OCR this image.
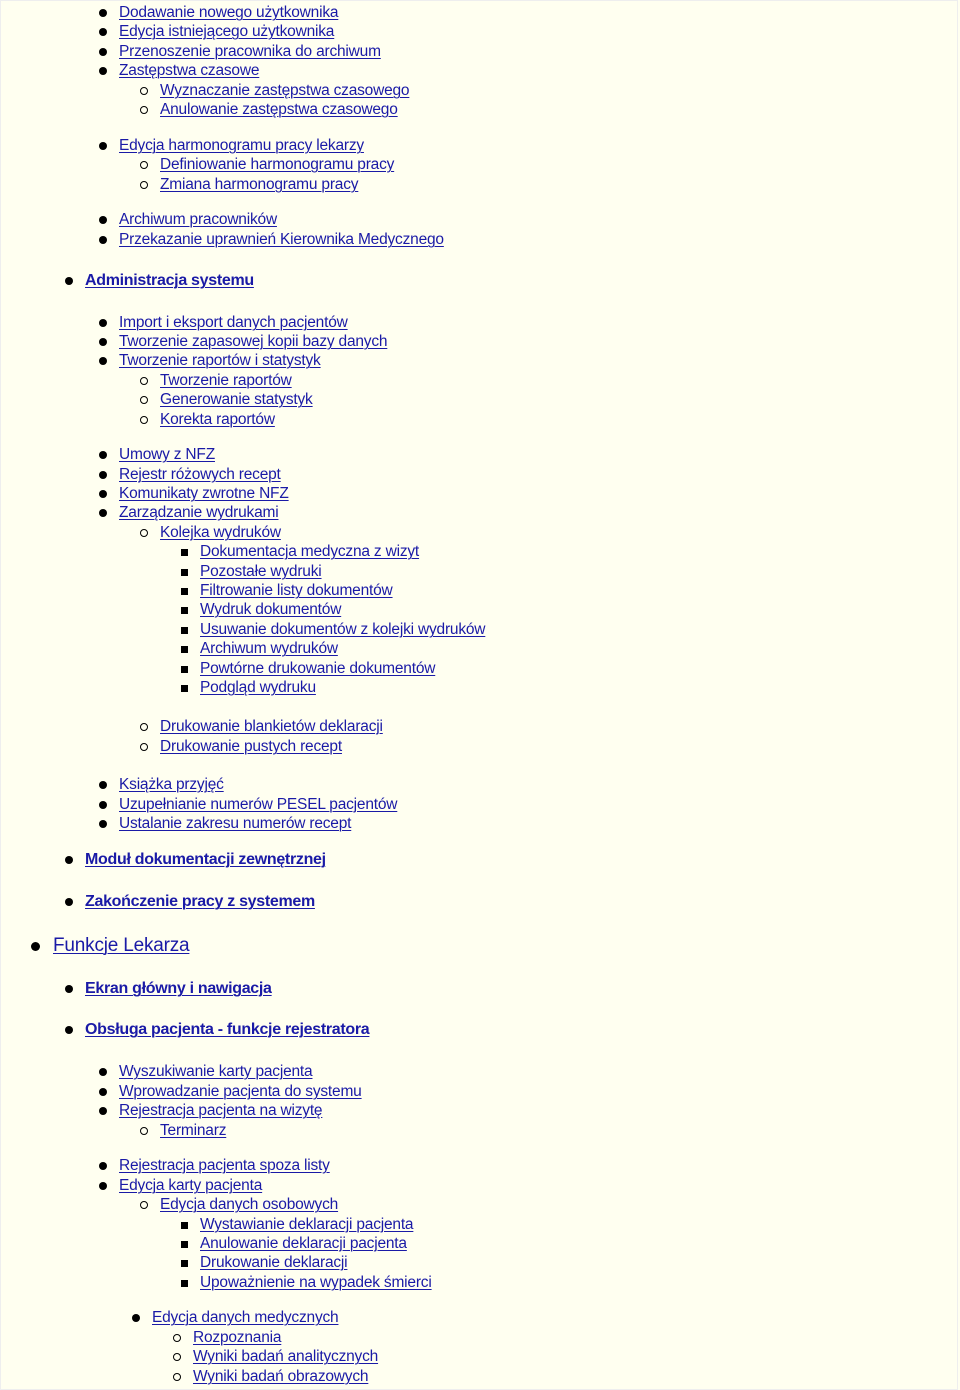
Dodawanie nowego użytkownika
Edycja istniejącego użytkownika
Przenoszenie pracownika do archiwum
Zastępstwa czasowe
Wyznaczanie zastępstwa czasowego
Anulowanie zastępstwa czasowego
Edycja harmonogramu pracy lekarzy
Definiowanie harmonogramu pracy
Zmiana harmonogramu pracy
Archiwum pracowników
Przekazanie uprawnień Kierownika Medycznego
Administracja systemu
Import i eksport danych pacjentów
Tworzenie zapasowej kopii bazy danych
Tworzenie raportów i statystyk
Tworzenie raportów
Generowanie statystyk
Korekta raportów
Umowy z NFZ
Rejestr różowych recept
Komunikaty zwrotne NFZ
Zarządzanie wydrukami
Kolejka wydruków
Dokumentacja medyczna z wizyt
Pozostałe wydruki
Filtrowanie listy dokumentów
Wydruk dokumentów
Usuwanie dokumentów z kolejki wydruków
Archiwum wydruków
Powtórne drukowanie dokumentów
Podgląd wydruku
Drukowanie blankietów deklaracji
Drukowanie pustych recept
Książka przyjęć
Uzupełnianie numerów PESEL pacjentów
Ustalanie zakresu numerów recept
Moduł dokumentacji zewnętrznej
Zakończenie pracy z systemem
Funkcje Lekarza
Ekran główny i nawigacja
Obsługa pacjenta - funkcje rejestratora
Wyszukiwanie karty pacjenta
Wprowadzanie pacjenta do systemu
Rejestracja pacjenta na wizytę
Terminarz
Rejestracja pacjenta spoza listy
Edycja karty pacjenta
Edycja danych osobowych
Wystawianie deklaracji pacjenta
Anulowanie deklaracji pacjenta
Drukowanie deklaracji
Upoważnienie na wypadek śmierci
Edycja danych medycznych
Rozpoznania
Wyniki badań analitycznych
Wyniki badań obrazowych
